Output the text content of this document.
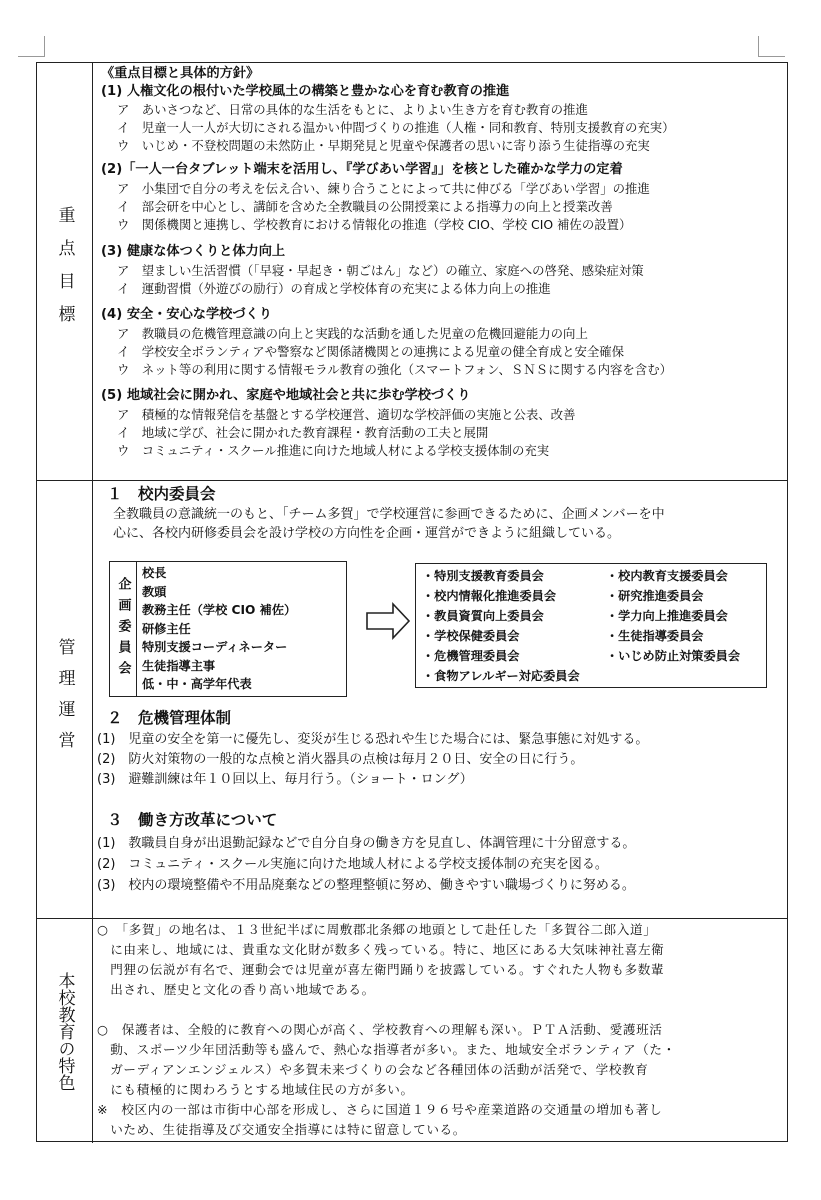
重点目標
《重点目標と具体的方針》
(1) 人権文化の根付いた学校風土の構築と豊かな心を育む教育の推進
ア　あいさつなど、日常の具体的な生活をもとに、よりよい生き方を育む教育の推進
イ　児童一人一人が大切にされる温かい仲間づくりの推進（人権・同和教育、特別支援教育の充実）
ウ　いじめ・不登校問題の未然防止・早期発見と児童や保護者の思いに寄り添う生徒指導の充実
(2)「一人一台タブレット端末を活用し、『学びあい学習』」を核とした確かな学力の定着
ア　小集団で自分の考えを伝え合い、練り合うことによって共に伸びる「学びあい学習」の推進
イ　部会研を中心とし、講師を含めた全教職員の公開授業による指導力の向上と授業改善
ウ　関係機関と連携し、学校教育における情報化の推進（学校 CIO、学校 CIO 補佐の設置）
(3) 健康な体つくりと体力向上
ア　望ましい生活習慣（「早寝・早起き・朝ごはん」など）の確立、家庭への啓発、感染症対策
イ　運動習慣（外遊びの励行）の育成と学校体育の充実による体力向上の推進
(4) 安全・安心な学校づくり
ア　教職員の危機管理意識の向上と実践的な活動を通した児童の危機回避能力の向上
イ　学校安全ボランティアや警察など関係諸機関との連携による児童の健全育成と安全確保
ウ　ネット等の利用に関する情報モラル教育の強化（スマートフォン、ＳＮＳに関する内容を含む）
(5) 地域社会に開かれ、家庭や地域社会と共に歩む学校づくり
ア　積極的な情報発信を基盤とする学校運営、適切な学校評価の実施と公表、改善
イ　地域に学び、社会に開かれた教育課程・教育活動の工夫と展開
ウ　コミュニティ・スクール推進に向けた地域人材による学校支援体制の充実
管理運営
１　校内委員会
全教職員の意識統一のもと、「チーム多賀」で学校運営に参画できるために、企画メンバーを中
心に、各校内研修委員会を設け学校の方向性を企画・運営ができように組織している。
企画委員会
校長
教頭
教務主任（学校 CIO 補佐）
研修主任
特別支援コーディネーター
生徒指導主事
低・中・高学年代表
・特別支援教育委員会
・校内情報化推進委員会
・教員資質向上委員会
・学校保健委員会
・危機管理委員会
・食物アレルギー対応委員会
・校内教育支援委員会
・研究推進委員会
・学力向上推進委員会
・生徒指導委員会
・いじめ防止対策委員会
２　危機管理体制
(1)　児童の安全を第一に優先し、変災が生じる恐れや生じた場合には、緊急事態に対処する。
(2)　防火対策物の一般的な点検と消火器具の点検は毎月２０日、安全の日に行う。
(3)　避難訓練は年１０回以上、毎月行う。（ショート・ロング）
３　働き方改革について
(1)　教職員自身が出退勤記録などで自分自身の働き方を見直し、体調管理に十分留意する。
(2)　コミュニティ・スクール実施に向けた地域人材による学校支援体制の充実を図る。
(3)　校内の環境整備や不用品廃棄などの整理整頓に努め、働きやすい職場づくりに努める。
本校教育の特色
○　「多賀」の地名は、１３世紀半ばに周敷郡北条郷の地頭として赴任した「多賀谷二郎入道」
　に由来し、地域には、貴重な文化財が数多く残っている。特に、地区にある大気味神社喜左衛
　門狸の伝説が有名で、運動会では児童が喜左衛門踊りを披露している。すぐれた人物も多数輩
　出され、歴史と文化の香り高い地域である。
○　保護者は、全般的に教育への関心が高く、学校教育への理解も深い。ＰＴＡ活動、愛護班活
　動、スポーツ少年団活動等も盛んで、熱心な指導者が多い。また、地域安全ボランティア（た・
　ガーディアンエンジェルス）や多賀未来づくりの会など各種団体の活動が活発で、学校教育
　にも積極的に関わろうとする地域住民の方が多い。
※　校区内の一部は市街中心部を形成し、さらに国道１９６号や産業道路の交通量の増加も著し
　いため、生徒指導及び交通安全指導には特に留意している。
